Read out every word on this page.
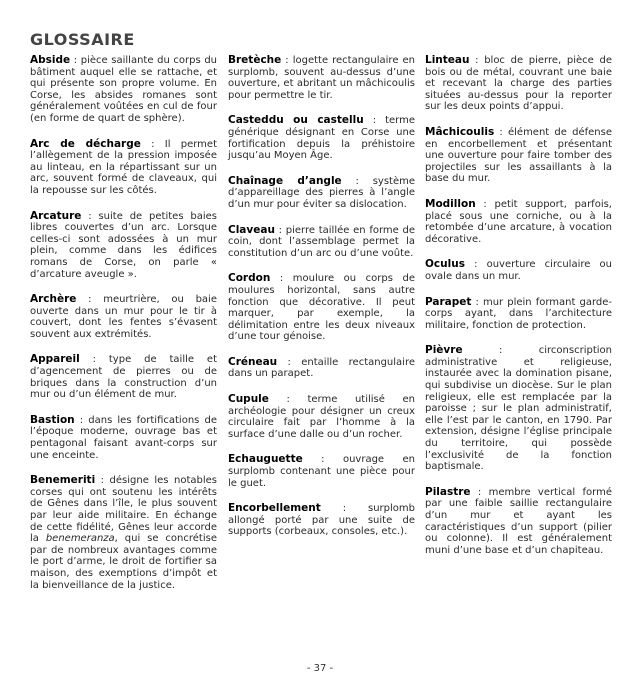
GLOSSAIRE

Abside : pièce saillante du corps du bâtiment auquel elle se rattache, et qui présente son propre volume. En Corse, les absides romanes sont généralement voûtées en cul de four (en forme de quart de sphère).

Arc de décharge : Il permet l’allègement de la pression imposée au linteau, en la répartissant sur un arc, souvent formé de claveaux, qui la repousse sur les côtés.

Arcature : suite de petites baies libres couvertes d’un arc. Lorsque celles-ci sont adossées à un mur plein, comme dans les édifices romans de Corse, on parle « d’arcature aveugle ».

Archère : meurtrière, ou baie ouverte dans un mur pour le tir à couvert, dont les fentes s’évasent souvent aux extrémités.

Appareil : type de taille et d’agencement de pierres ou de briques dans la construction d’un mur ou d’un élément de mur.

Bastion : dans les fortifications de l’époque moderne, ouvrage bas et pentagonal faisant avant-corps sur une enceinte.

Benemeriti : désigne les notables corses qui ont soutenu les intérêts de Gênes dans l’île, le plus souvent par leur aide militaire. En échange de cette fidélité, Gênes leur accorde la benemeranza, qui se concrétise par de nombreux avantages comme le port d’arme, le droit de fortifier sa maison, des exemptions d’impôt et la bienveillance de la justice.

Bretèche : logette rectangulaire en surplomb, souvent au-dessus d’une ouverture, et abritant un mâchicoulis pour permettre le tir.

Casteddu ou castellu : terme générique désignant en Corse une fortification depuis la préhistoire jusqu’au Moyen Âge.

Chaînage d’angle : système d’appareillage des pierres à l’angle d’un mur pour éviter sa dislocation.

Claveau : pierre taillée en forme de coin, dont l’assemblage permet la constitution d’un arc ou d’une voûte.

Cordon : moulure ou corps de moulures horizontal, sans autre fonction que décorative. Il peut marquer, par exemple, la délimitation entre les deux niveaux d’une tour génoise.

Créneau : entaille rectangulaire dans un parapet.

Cupule : terme utilisé en archéologie pour désigner un creux circulaire fait par l’homme à la surface d’une dalle ou d’un rocher.

Echauguette : ouvrage en surplomb contenant une pièce pour le guet.

Encorbellement : surplomb allongé porté par une suite de supports (corbeaux, consoles, etc.).

Linteau : bloc de pierre, pièce de bois ou de métal, couvrant une baie et recevant la charge des parties situées au-dessus pour la reporter sur les deux points d’appui.

Mâchicoulis : élément de défense en encorbellement et présentant une ouverture pour faire tomber des projectiles sur les assaillants à la base du mur.

Modillon : petit support, parfois, placé sous une corniche, ou à la retombée d’une arcature, à vocation décorative.

Oculus : ouverture circulaire ou ovale dans un mur.

Parapet : mur plein formant garde-corps ayant, dans l’architecture militaire, fonction de protection.

Pièvre : circonscription administrative et religieuse, instaurée avec la domination pisane, qui subdivise un diocèse. Sur le plan religieux, elle est remplacée par la paroisse ; sur le plan administratif, elle l’est par le canton, en 1790. Par extension, désigne l’église principale du territoire, qui possède l’exclusivité de la fonction baptismale.

Pilastre : membre vertical formé par une faible saillie rectangulaire d’un mur et ayant les caractéristiques d’un support (pilier ou colonne). Il est généralement muni d’une base et d’un chapiteau.

- 37 -
